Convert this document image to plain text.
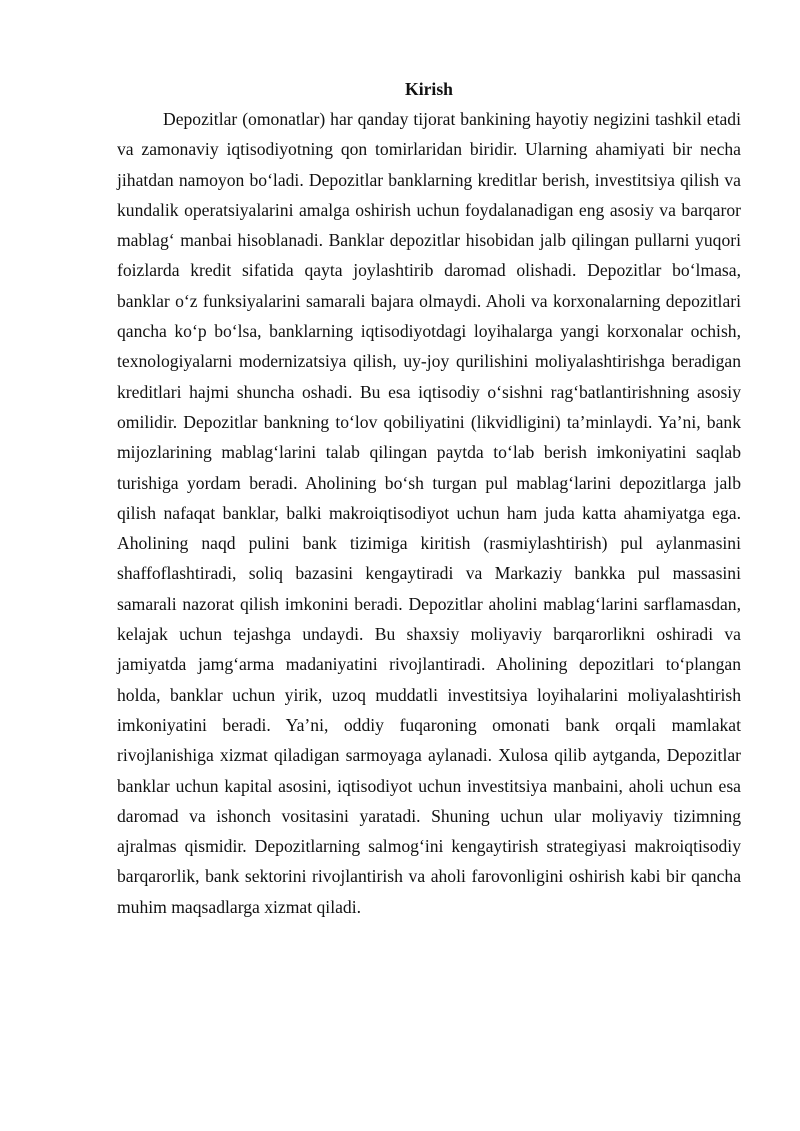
Kirish

Depozitlar (omonatlar) har qanday tijorat bankining hayotiy negizini tashkil etadi va zamonaviy iqtisodiyotning qon tomirlaridan biridir. Ularning ahamiyati bir necha jihatdan namoyon bo‘ladi. Depozitlar banklarning kreditlar berish, investitsiya qilish va kundalik operatsiyalarini amalga oshirish uchun foydalanadigan eng asosiy va barqaror mablag‘ manbai hisoblanadi. Banklar depozitlar hisobidan jalb qilingan pullarni yuqori foizlarda kredit sifatida qayta joylashtirib daromad olishadi. Depozitlar bo‘lmasa, banklar o‘z funksiyalarini samarali bajara olmaydi. Aholi va korxonalarning depozitlari qancha ko‘p bo‘lsa, banklarning iqtisodiyotdagi loyihalarga yangi korxonalar ochish, texnologiyalarni modernizatsiya qilish, uy-joy qurilishini moliyalashtirishga beradigan kreditlari hajmi shuncha oshadi. Bu esa iqtisodiy o‘sishni rag‘batlantirishning asosiy omilidir. Depozitlar bankning to‘lov qobiliyatini (likvidligini) ta’minlaydi. Ya’ni, bank mijozlarining mablag‘larini talab qilingan paytda to‘lab berish imkoniyatini saqlab turishiga yordam beradi. Aholining bo‘sh turgan pul mablag‘larini depozitlarga jalb qilish nafaqat banklar, balki makroiqtisodiyot uchun ham juda katta ahamiyatga ega. Aholining naqd pulini bank tizimiga kiritish (rasmiylashtirish) pul aylanmasini shaffoflashtiradi, soliq bazasini kengaytiradi va Markaziy bankka pul massasini samarali nazorat qilish imkonini beradi. Depozitlar aholini mablag‘larini sarflamasdan, kelajak uchun tejashga undaydi. Bu shaxsiy moliyaviy barqarorlikni oshiradi va jamiyatda jamg‘arma madaniyatini rivojlantiradi. Aholining depozitlari to‘plangan holda, banklar uchun yirik, uzoq muddatli investitsiya loyihalarini moliyalashtirish imkoniyatini beradi. Ya’ni, oddiy fuqaroning omonati bank orqali mamlakat rivojlanishiga xizmat qiladigan sarmoyaga aylanadi. Xulosa qilib aytganda, Depozitlar banklar uchun kapital asosini, iqtisodiyot uchun investitsiya manbaini, aholi uchun esa daromad va ishonch vositasini yaratadi. Shuning uchun ular moliyaviy tizimning ajralmas qismidir. Depozitlarning salmog‘ini kengaytirish strategiyasi makroiqtisodiy barqarorlik, bank sektorini rivojlantirish va aholi farovonligini oshirish kabi bir qancha muhim maqsadlarga xizmat qiladi.
